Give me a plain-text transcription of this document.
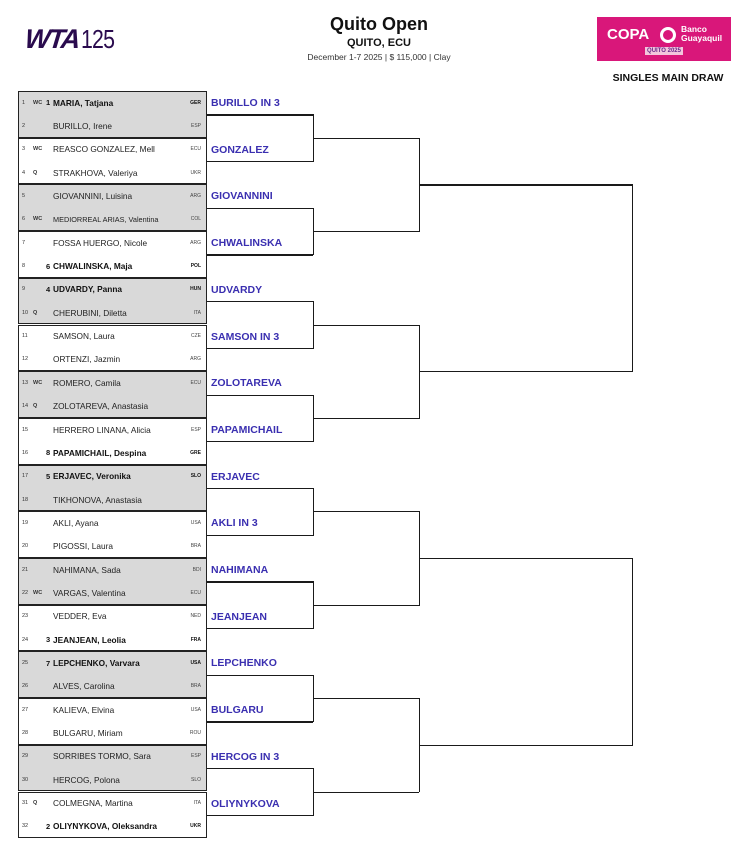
WTA 125	Quito Open
QUITO, ECU
December 1-7 2025 | $ 115,000 | Clay
COPA	Banco
Guayaquil
QUITO 2025
SINGLES MAIN DRAW
1 WC 1 MARIA, Tatjana	GER
2	BURILLO, Irene	ESP
3 WC REASCO GONZALEZ, Mell	ECU
4 Q STRAKHOVA, Valeriya	UKR
5	GIOVANNINI, Luisina	ARG
6 WC MEDIORREAL ARIAS, Valentina	COL
7	FOSSA HUERGO, Nicole	ARG
8	6 CHWALINSKA, Maja	POL
9	4 UDVARDY, Panna	HUN
10 Q CHERUBINI, Diletta	ITA
11	SAMSON, Laura	CZE
12	ORTENZI, Jazmin	ARG
13 WC ROMERO, Camila	ECU
14 Q ZOLOTAREVA, Anastasia
15	HERRERO LINANA, Alicia	ESP
16 8 PAPAMICHAIL, Despina	GRE
17 5 ERJAVEC, Veronika	SLO
18	TIKHONOVA, Anastasia
19	AKLI, Ayana	USA
20	PIGOSSI, Laura	BRA
21	NAHIMANA, Sada	BDI
22 WC VARGAS, Valentina	ECU
23	VEDDER, Eva	NED
24 3 JEANJEAN, Leolia	FRA
25 7 LEPCHENKO, Varvara	USA
26	ALVES, Carolina	BRA
27	KALIEVA, Elvina	USA
28	BULGARU, Miriam	ROU
29	SORRIBES TORMO, Sara	ESP
30	HERCOG, Polona	SLO
31 Q COLMEGNA, Martina	ITA
32 2 OLIYNYKOVA, Oleksandra	UKR
BURILLO IN 3
GONZALEZ
GIOVANNINI
CHWALINSKA
UDVARDY
SAMSON IN 3
ZOLOTAREVA
PAPAMICHAIL
ERJAVEC
AKLI IN 3
NAHIMANA
JEANJEAN
LEPCHENKO
BULGARU
HERCOG IN 3
OLIYNYKOVA
